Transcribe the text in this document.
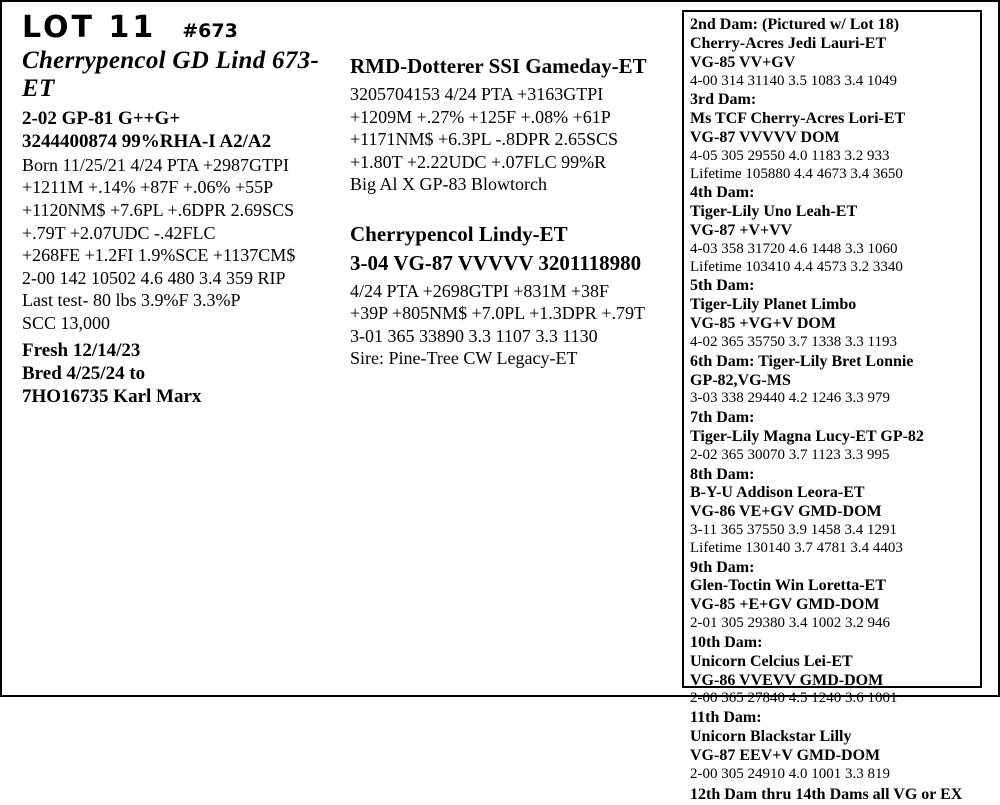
LOT 11 #673
Cherrypencol GD Lind 673-ET
2-02 GP-81 G++G+
3244400874 99%RHA-I A2/A2
Born 11/25/21 4/24 PTA +2987GTPI
+1211M +.14% +87F +.06% +55P
+1120NM$ +7.6PL +.6DPR 2.69SCS
+.79T +2.07UDC -.42FLC
+268FE +1.2FI 1.9%SCE +1137CM$
2-00 142 10502 4.6 480 3.4 359 RIP
Last test- 80 lbs 3.9%F 3.3%P
SCC 13,000
Fresh 12/14/23
Bred 4/25/24 to
7HO16735 Karl Marx
RMD-Dotterer SSI Gameday-ET
3205704153 4/24 PTA +3163GTPI
+1209M +.27% +125F +.08% +61P
+1171NM$ +6.3PL -.8DPR 2.65SCS
+1.80T +2.22UDC +.07FLC 99%R
Big Al X GP-83 Blowtorch
Cherrypencol Lindy-ET
3-04 VG-87 VVVVV 3201118980
4/24 PTA +2698GTPI +831M +38F
+39P +805NM$ +7.0PL +1.3DPR +.79T
3-01 365 33890 3.3 1107 3.3 1130
Sire: Pine-Tree CW Legacy-ET
2nd Dam: (Pictured w/ Lot 18)
Cherry-Acres Jedi Lauri-ET
VG-85 VV+GV
4-00 314 31140 3.5 1083 3.4 1049
3rd Dam:
Ms TCF Cherry-Acres Lori-ET
VG-87 VVVVV DOM
4-05 305 29550 4.0 1183 3.2 933
Lifetime 105880 4.4 4673 3.4 3650
4th Dam:
Tiger-Lily Uno Leah-ET
VG-87 +V+VV
4-03 358 31720 4.6 1448 3.3 1060
Lifetime 103410 4.4 4573 3.2 3340
5th Dam:
Tiger-Lily Planet Limbo
VG-85 +VG+V DOM
4-02 365 35750 3.7 1338 3.3 1193
6th Dam: Tiger-Lily Bret Lonnie
GP-82,VG-MS
3-03 338 29440 4.2 1246 3.3 979
7th Dam:
Tiger-Lily Magna Lucy-ET GP-82
2-02 365 30070 3.7 1123 3.3 995
8th Dam:
B-Y-U Addison Leora-ET
VG-86 VE+GV GMD-DOM
3-11 365 37550 3.9 1458 3.4 1291
Lifetime 130140 3.7 4781 3.4 4403
9th Dam:
Glen-Toctin Win Loretta-ET
VG-85 +E+GV GMD-DOM
2-01 305 29380 3.4 1002 3.2 946
10th Dam:
Unicorn Celcius Lei-ET
VG-86 VVEVV GMD-DOM
2-00 365 27840 4.5 1240 3.6 1001
11th Dam:
Unicorn Blackstar Lilly
VG-87 EEV+V GMD-DOM
2-00 305 24910 4.0 1001 3.3 819
12th Dam thru 14th Dams all VG or EX
